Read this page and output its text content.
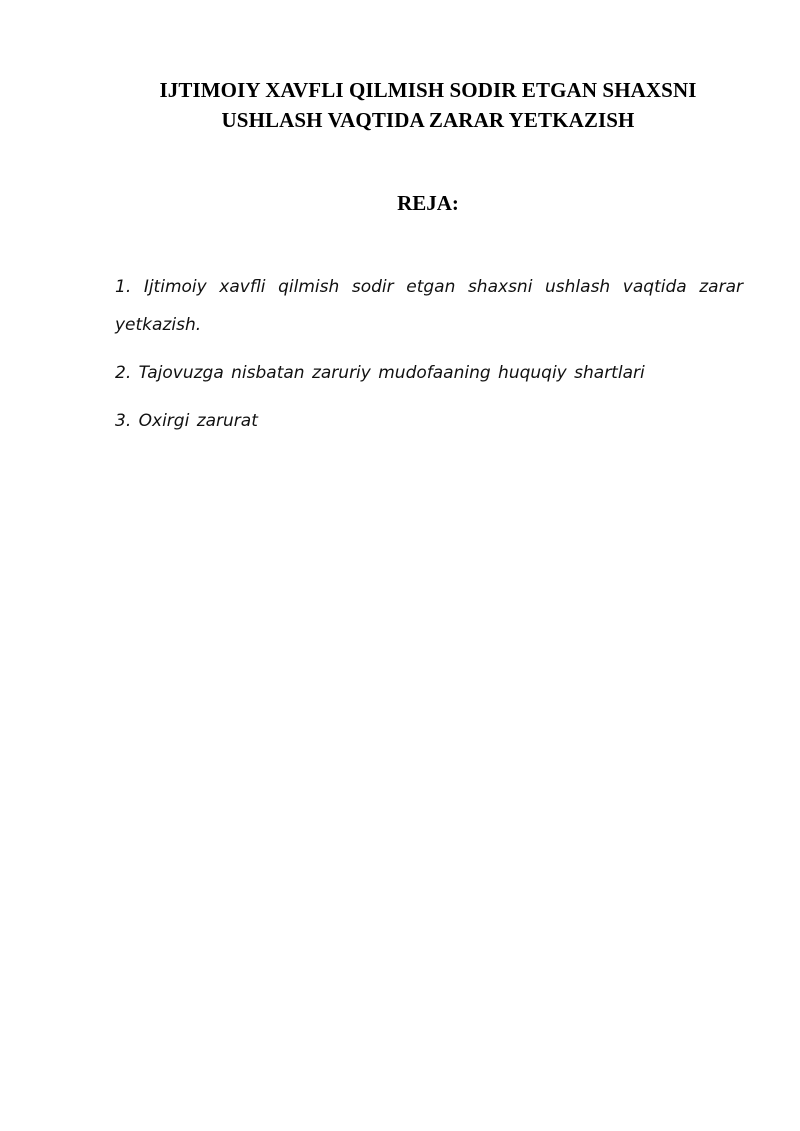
IJTIMOIY XAVFLI QILMISH SODIR ETGAN SHAXSNI USHLASH VAQTIDA ZARAR YETKAZISH
REJA:
1. Ijtimoiy xavfli qilmish sodir etgan shaxsni ushlash vaqtida zarar yetkazish.
2. Tajovuzga nisbatan zaruriy mudofaaning huquqiy shartlari
3. Oxirgi zarurat
